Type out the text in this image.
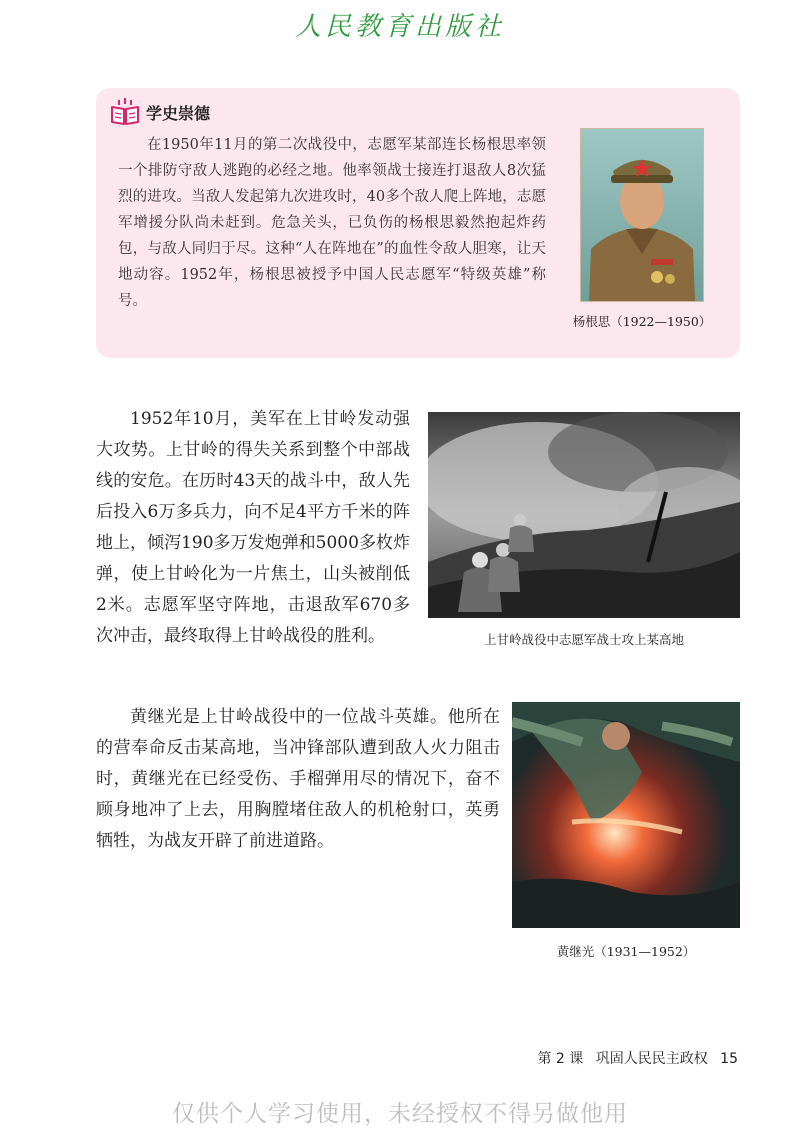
人民教育出版社
学史崇德

在1950年11月的第二次战役中，志愿军某部连长杨根思率领一个排防守敌人逃跑的必经之地。他率领战士接连打退敌人8次猛烈的进攻。当敌人发起第九次进攻时，40多个敌人爬上阵地，志愿军增援分队尚未赶到。危急关头，已负伤的杨根思毅然抱起炸药包，与敌人同归于尽。这种“人在阵地在”的血性令敌人胆寒，让天地动容。1952年，杨根思被授予中国人民志愿军“特级英雄”称号。

杨根思（1922—1950）

1952年10月，美军在上甘岭发动强大攻势。上甘岭的得失关系到整个中部战线的安危。在历时43天的战斗中，敌人先后投入6万多兵力，向不足4平方千米的阵地上，倾泻190多万发炮弹和5000多枚炸弹，使上甘岭化为一片焦土，山头被削低2米。志愿军坚守阵地，击退敌军670多次冲击，最终取得上甘岭战役的胜利。	上甘岭战役中志愿军战士攻上某高地

黄继光是上甘岭战役中的一位战斗英雄。他所在的营奉命反击某高地，当冲锋部队遭到敌人火力阻击时，黄继光在已经受伤、手榴弹用尽的情况下，奋不顾身地冲了上去，用胸膛堵住敌人的机枪射口，英勇牺牲，为战友开辟了前进道路。

黄继光（1931—1952）
第 2 课 巩固人民民主政权 15
仅供个人学习使用，未经授权不得另做他用
